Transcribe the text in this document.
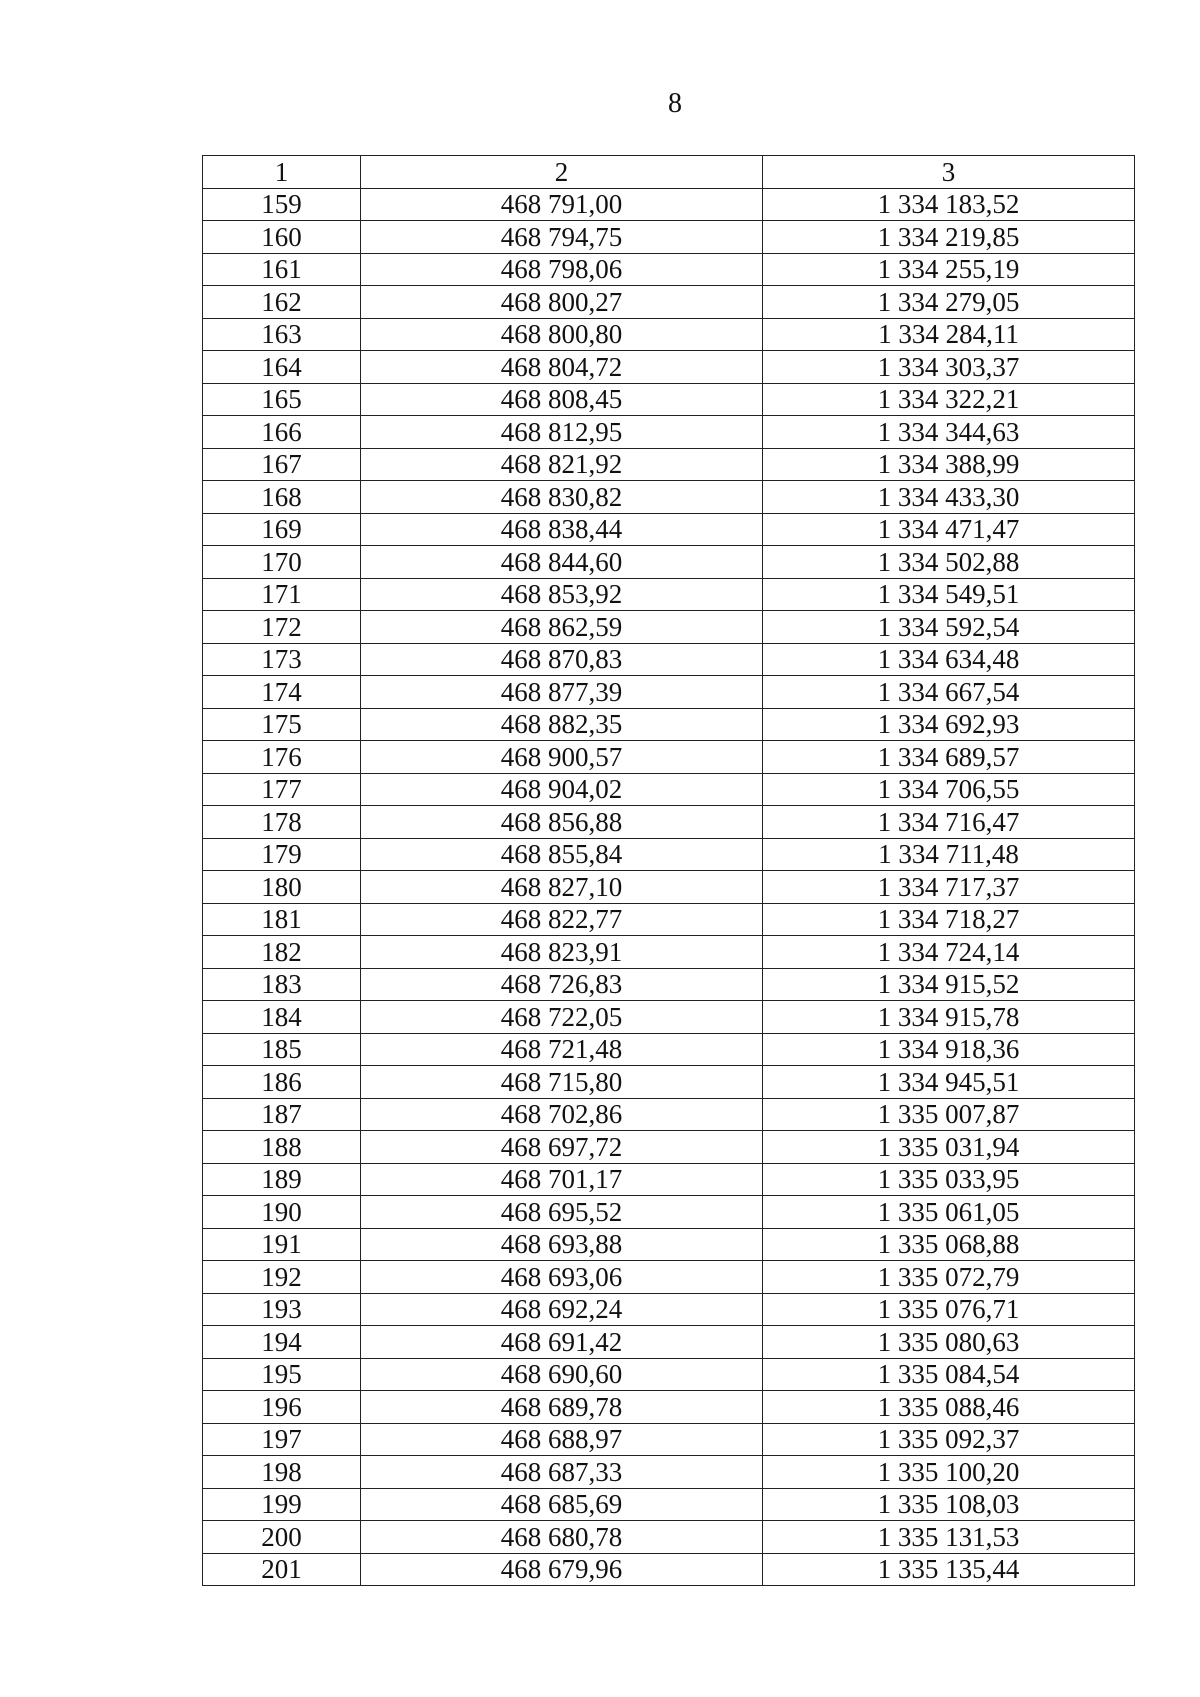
8
1	2	3
159	468 791,00	1 334 183,52
160	468 794,75	1 334 219,85
161	468 798,06	1 334 255,19
162	468 800,27	1 334 279,05
163	468 800,80	1 334 284,11
164	468 804,72	1 334 303,37
165	468 808,45	1 334 322,21
166	468 812,95	1 334 344,63
167	468 821,92	1 334 388,99
168	468 830,82	1 334 433,30
169	468 838,44	1 334 471,47
170	468 844,60	1 334 502,88
171	468 853,92	1 334 549,51
172	468 862,59	1 334 592,54
173	468 870,83	1 334 634,48
174	468 877,39	1 334 667,54
175	468 882,35	1 334 692,93
176	468 900,57	1 334 689,57
177	468 904,02	1 334 706,55
178	468 856,88	1 334 716,47
179	468 855,84	1 334 711,48
180	468 827,10	1 334 717,37
181	468 822,77	1 334 718,27
182	468 823,91	1 334 724,14
183	468 726,83	1 334 915,52
184	468 722,05	1 334 915,78
185	468 721,48	1 334 918,36
186	468 715,80	1 334 945,51
187	468 702,86	1 335 007,87
188	468 697,72	1 335 031,94
189	468 701,17	1 335 033,95
190	468 695,52	1 335 061,05
191	468 693,88	1 335 068,88
192	468 693,06	1 335 072,79
193	468 692,24	1 335 076,71
194	468 691,42	1 335 080,63
195	468 690,60	1 335 084,54
196	468 689,78	1 335 088,46
197	468 688,97	1 335 092,37
198	468 687,33	1 335 100,20
199	468 685,69	1 335 108,03
200	468 680,78	1 335 131,53
201	468 679,96	1 335 135,44
